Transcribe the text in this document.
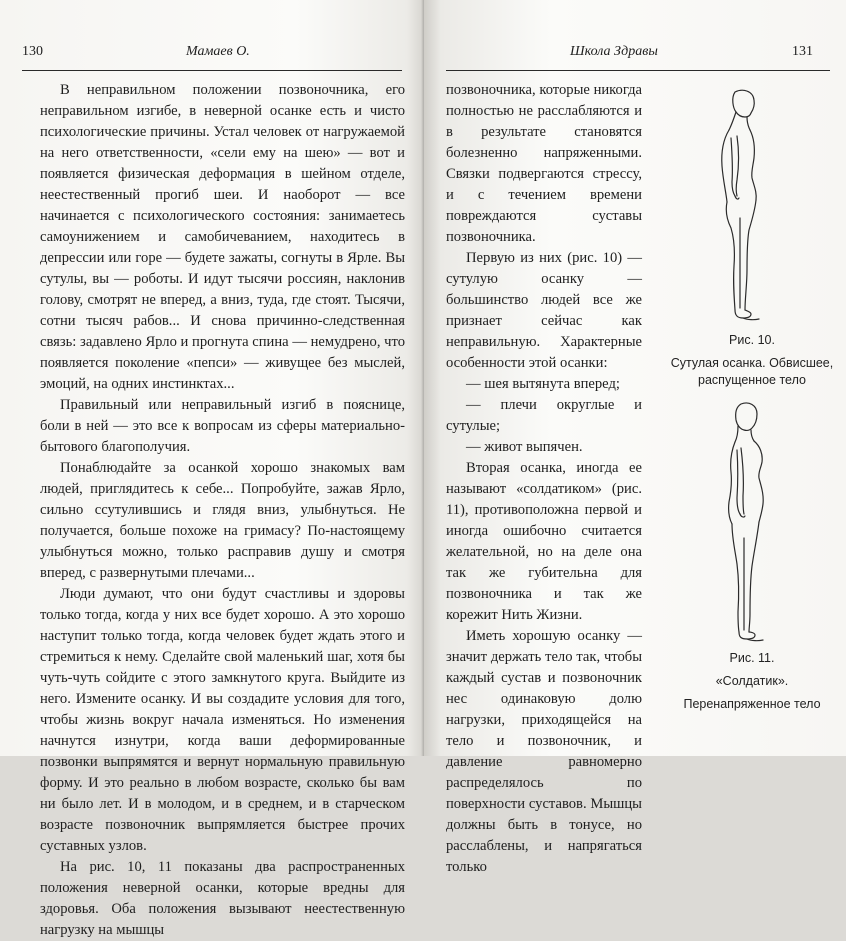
130	Мамаев О.

В неправильном положении позвоночника, его неправильном изгибе, в неверной осанке есть и чисто психологические причины. Устал человек от нагружаемой на него ответственности, «сели ему на шею» — вот и появляется физическая деформация в шейном отделе, неестественный прогиб шеи. И наоборот — все начинается с психологического состояния: занимаетесь самоунижением и самобичеванием, находитесь в депрессии или горе — будете зажаты, согнуты в Ярле. Вы сутулы, вы — роботы. И идут тысячи россиян, наклонив голову, смотрят не вперед, а вниз, туда, где стоят. Тысячи, сотни тысяч рабов... И снова причинно-следственная связь: задавлено Ярло и прогнута спина — немудрено, что появляется поколение «пепси» — живущее без мыслей, эмоций, на одних инстинктах...

Правильный или неправильный изгиб в пояснице, боли в ней — это все к вопросам из сферы материально-бытового благополучия.

Понаблюдайте за осанкой хорошо знакомых вам людей, приглядитесь к себе... Попробуйте, зажав Ярло, сильно ссутулившись и глядя вниз, улыбнуться. Не получается, больше похоже на гримасу? По-настоящему улыбнуться можно, только расправив душу и смотря вперед, с развернутыми плечами...

Люди думают, что они будут счастливы и здоровы только тогда, когда у них все будет хорошо. А это хорошо наступит только тогда, когда человек будет ждать этого и стремиться к нему. Сделайте свой маленький шаг, хотя бы чуть-чуть сойдите с этого замкнутого круга. Выйдите из него. Измените осанку. И вы создадите условия для того, чтобы жизнь вокруг начала изменяться. Но изменения начнутся изнутри, когда ваши деформированные позвонки выпрямятся и вернут нормальную правильную форму. И это реально в любом возрасте, сколько бы вам ни было лет. И в молодом, и в среднем, и в старческом возрасте позвоночник выпрямляется быстрее прочих суставных узлов.

На рис. 10, 11 показаны два распространенных положения неверной осанки, которые вредны для здоровья. Оба положения вызывают неестественную нагрузку на мышцы

Школа Здравы	131

позвоночника, которые никогда полностью не расслабляются и в результате становятся болезненно напряженными. Связки подвергаются стрессу, и с течением времени повреждаются суставы позвоночника.

Первую из них (рис. 10) — сутулую осанку — большинство людей все же признает сейчас как неправильную. Характерные особенности этой осанки:

— шея вытянута вперед;

— плечи округлые и сутулые;

— живот выпячен.

Вторая осанка, иногда ее называют «солдатиком» (рис. 11), противоположна первой и иногда ошибочно считается желательной, но на деле она так же губительна для позвоночника и так же корежит Нить Жизни.

Иметь хорошую осанку — значит держать тело так, чтобы каждый сустав и позвоночник нес одинаковую долю нагрузки, приходящейся на тело и позвоночник, и давление равномерно распределялось по поверхности суставов. Мышцы должны быть в тонусе, но расслаблены, и напрягаться только

Рис. 10.
Сутулая осанка. Обвисшее, распущенное тело
Рис. 11.
«Солдатик».
Перенапряженное тело
